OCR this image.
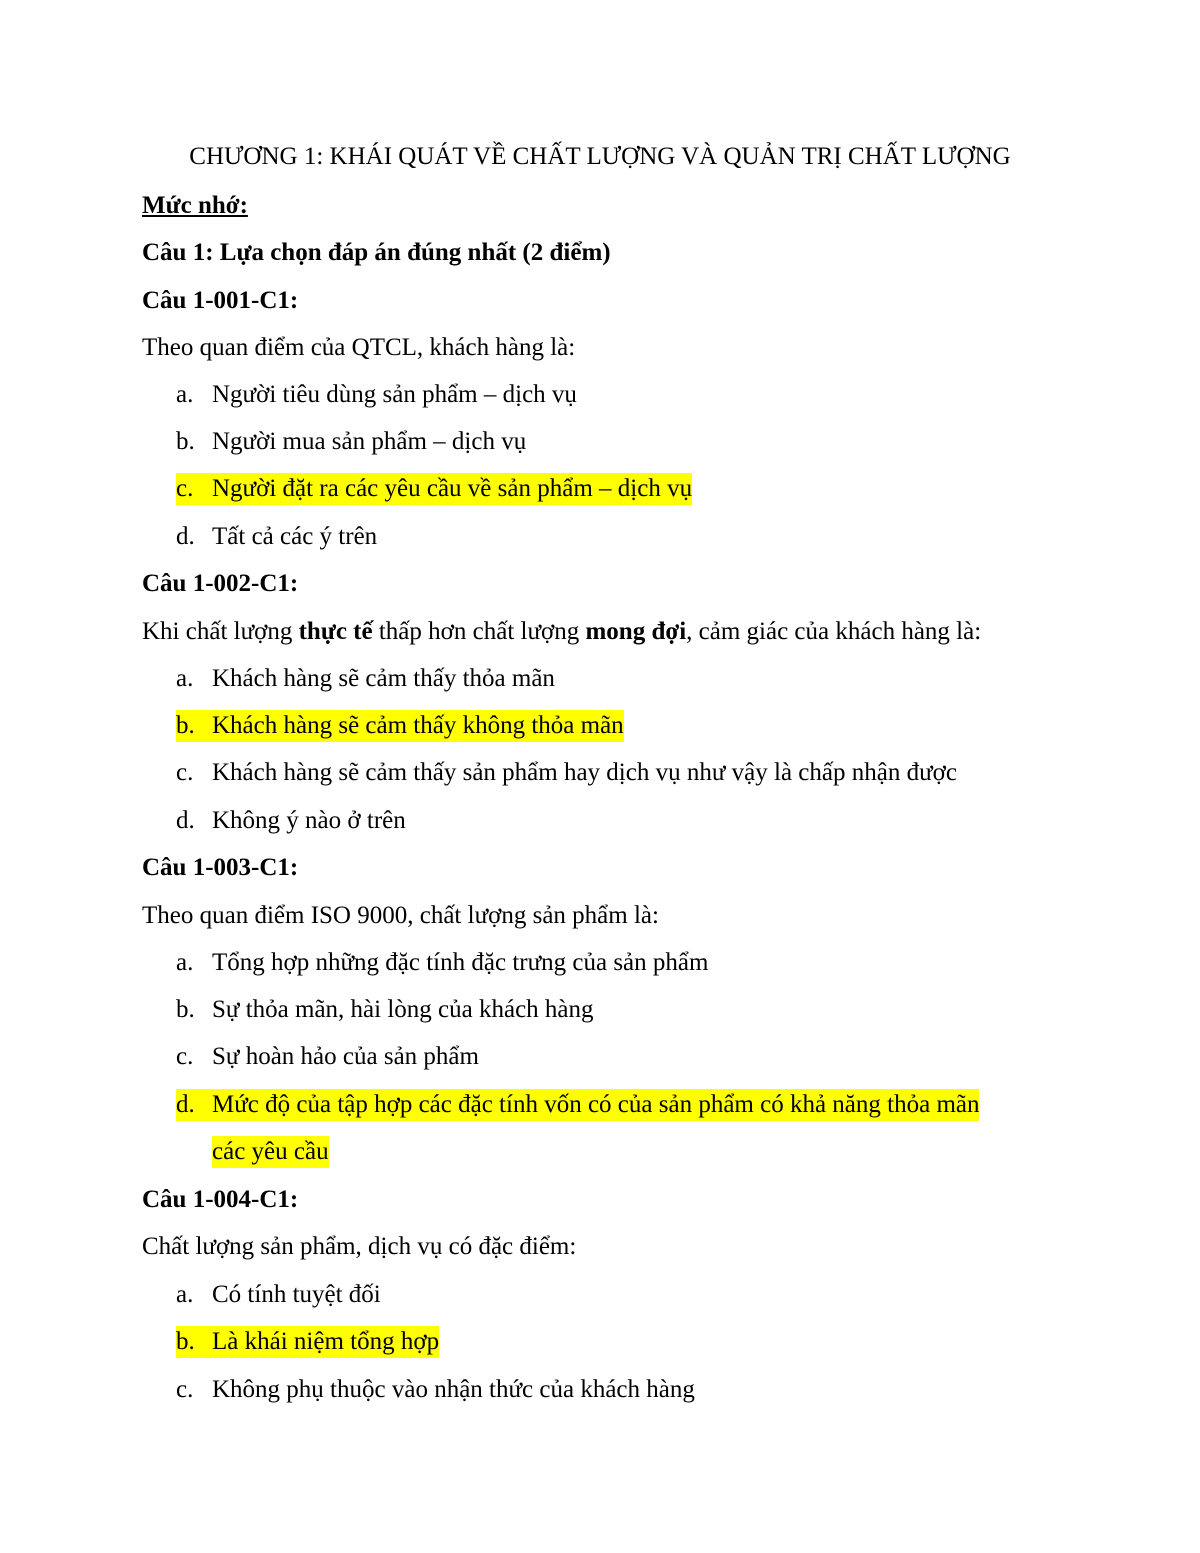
CHƯƠNG 1: KHÁI QUÁT VỀ CHẤT LƯỢNG VÀ QUẢN TRỊ CHẤT LƯỢNG
Mức nhớ:
Câu 1: Lựa chọn đáp án đúng nhất (2 điểm)
Câu 1-001-C1:
Theo quan điểm của QTCL, khách hàng là:
a. Người tiêu dùng sản phẩm – dịch vụ
b. Người mua sản phẩm – dịch vụ
c. Người đặt ra các yêu cầu về sản phẩm – dịch vụ
d. Tất cả các ý trên
Câu 1-002-C1:
Khi chất lượng thực tế thấp hơn chất lượng mong đợi, cảm giác của khách hàng là:
a. Khách hàng sẽ cảm thấy thỏa mãn
b. Khách hàng sẽ cảm thấy không thỏa mãn
c. Khách hàng sẽ cảm thấy sản phẩm hay dịch vụ như vậy là chấp nhận được
d. Không ý nào ở trên
Câu 1-003-C1:
Theo quan điểm ISO 9000, chất lượng sản phẩm là:
a. Tổng hợp những đặc tính đặc trưng của sản phẩm
b. Sự thỏa mãn, hài lòng của khách hàng
c. Sự hoàn hảo của sản phẩm
d. Mức độ của tập hợp các đặc tính vốn có của sản phẩm có khả năng thỏa mãn
các yêu cầu
Câu 1-004-C1:
Chất lượng sản phẩm, dịch vụ có đặc điểm:
a. Có tính tuyệt đối
b. Là khái niệm tổng hợp
c. Không phụ thuộc vào nhận thức của khách hàng
